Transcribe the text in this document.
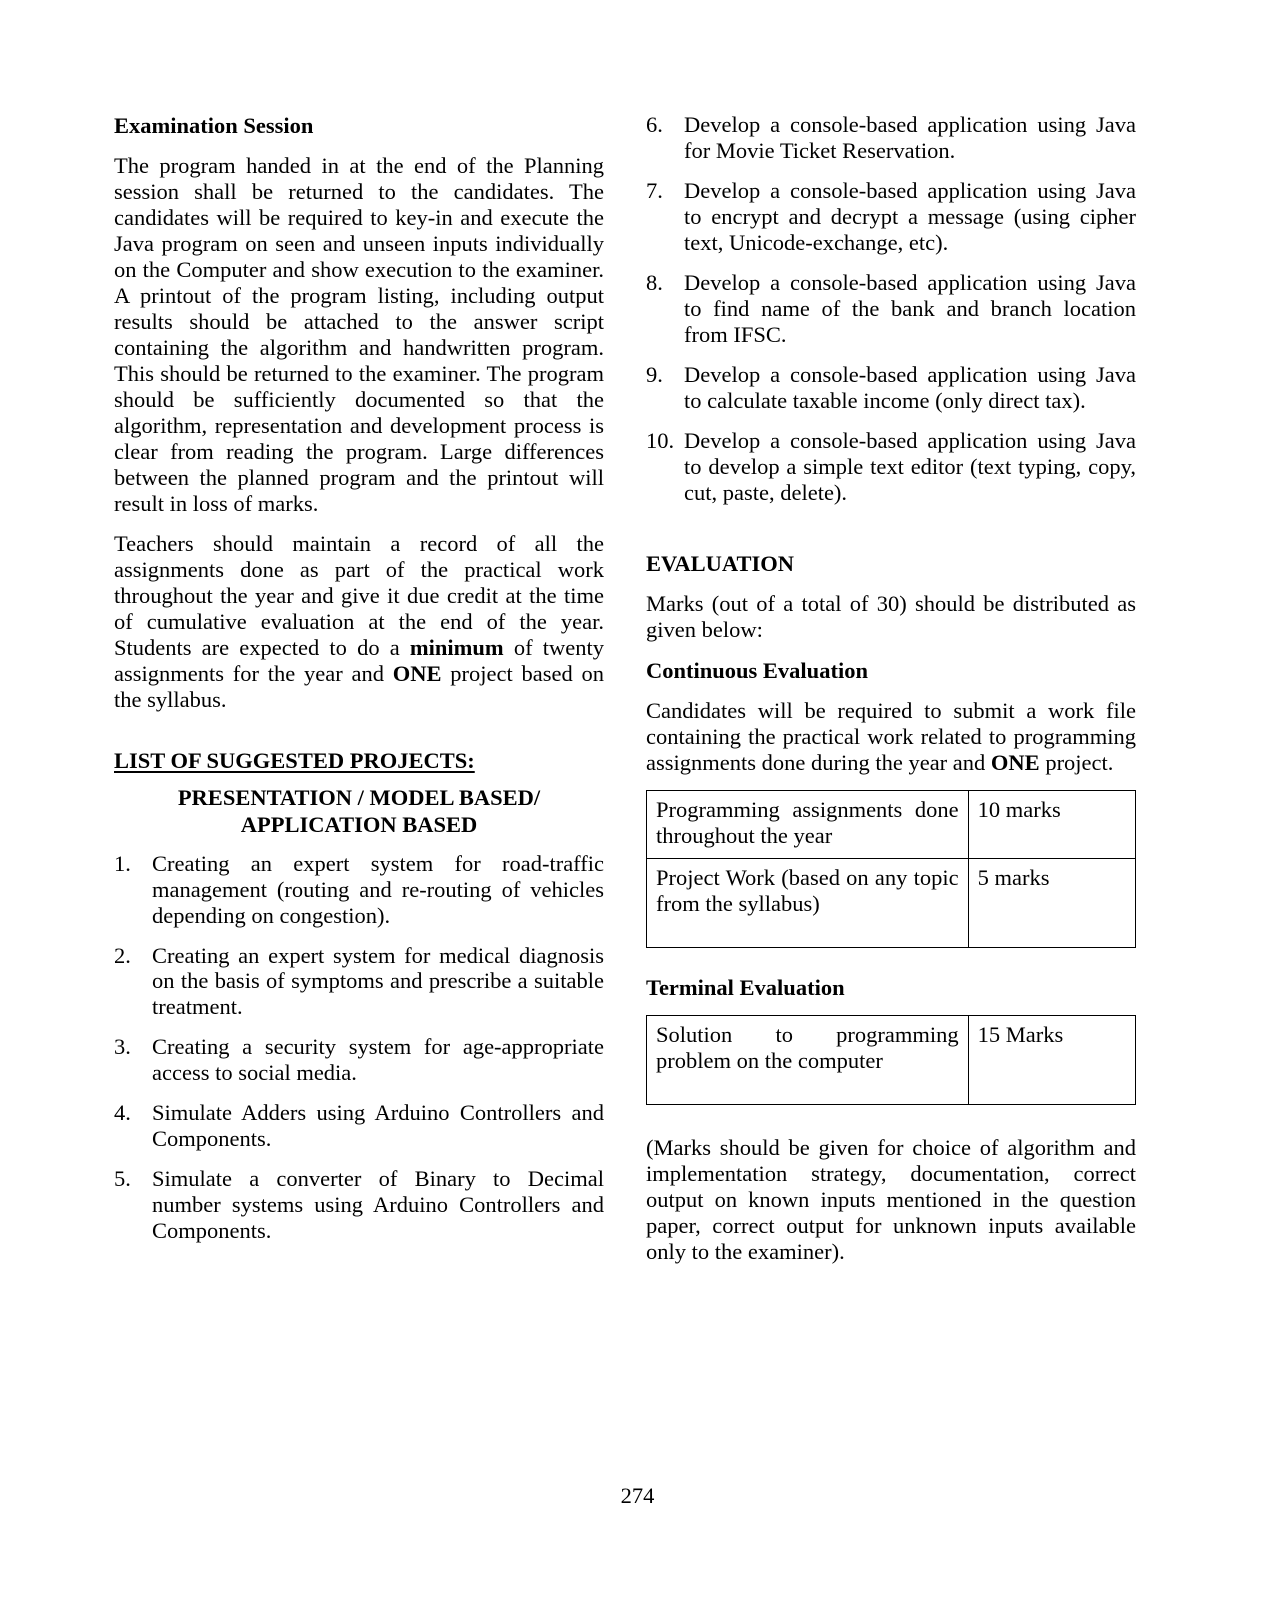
Examination Session

The program handed in at the end of the Planning session shall be returned to the candidates. The candidates will be required to key-in and execute the Java program on seen and unseen inputs individually on the Computer and show execution to the examiner. A printout of the program listing, including output results should be attached to the answer script containing the algorithm and handwritten program. This should be returned to the examiner. The program should be sufficiently documented so that the algorithm, representation and development process is clear from reading the program. Large differences between the planned program and the printout will result in loss of marks.

Teachers should maintain a record of all the assignments done as part of the practical work throughout the year and give it due credit at the time of cumulative evaluation at the end of the year. Students are expected to do a minimum of twenty assignments for the year and ONE project based on the syllabus.

LIST OF SUGGESTED PROJECTS:
PRESENTATION / MODEL BASED/
APPLICATION BASED
1. Creating an expert system for road-traffic management (routing and re-routing of vehicles depending on congestion).
2. Creating an expert system for medical diagnosis on the basis of symptoms and prescribe a suitable treatment.
3. Creating a security system for age-appropriate access to social media.
4. Simulate Adders using Arduino Controllers and Components.
5. Simulate a converter of Binary to Decimal number systems using Arduino Controllers and Components.
6. Develop a console-based application using Java for Movie Ticket Reservation.
7. Develop a console-based application using Java to encrypt and decrypt a message (using cipher text, Unicode-exchange, etc).
8. Develop a console-based application using Java to find name of the bank and branch location from IFSC.
9. Develop a console-based application using Java to calculate taxable income (only direct tax).
10. Develop a console-based application using Java to develop a simple text editor (text typing, copy, cut, paste, delete).
EVALUATION

Marks (out of a total of 30) should be distributed as given below:

Continuous Evaluation

Candidates will be required to submit a work file containing the practical work related to programming assignments done during the year and ONE project.

Programming assignments done throughout the year	10 marks
Project Work (based on any topic from the syllabus)	5 marks
Terminal Evaluation
Solution to programming problem on the computer	15 Marks

(Marks should be given for choice of algorithm and implementation strategy, documentation, correct output on known inputs mentioned in the question paper, correct output for unknown inputs available only to the examiner).

274
